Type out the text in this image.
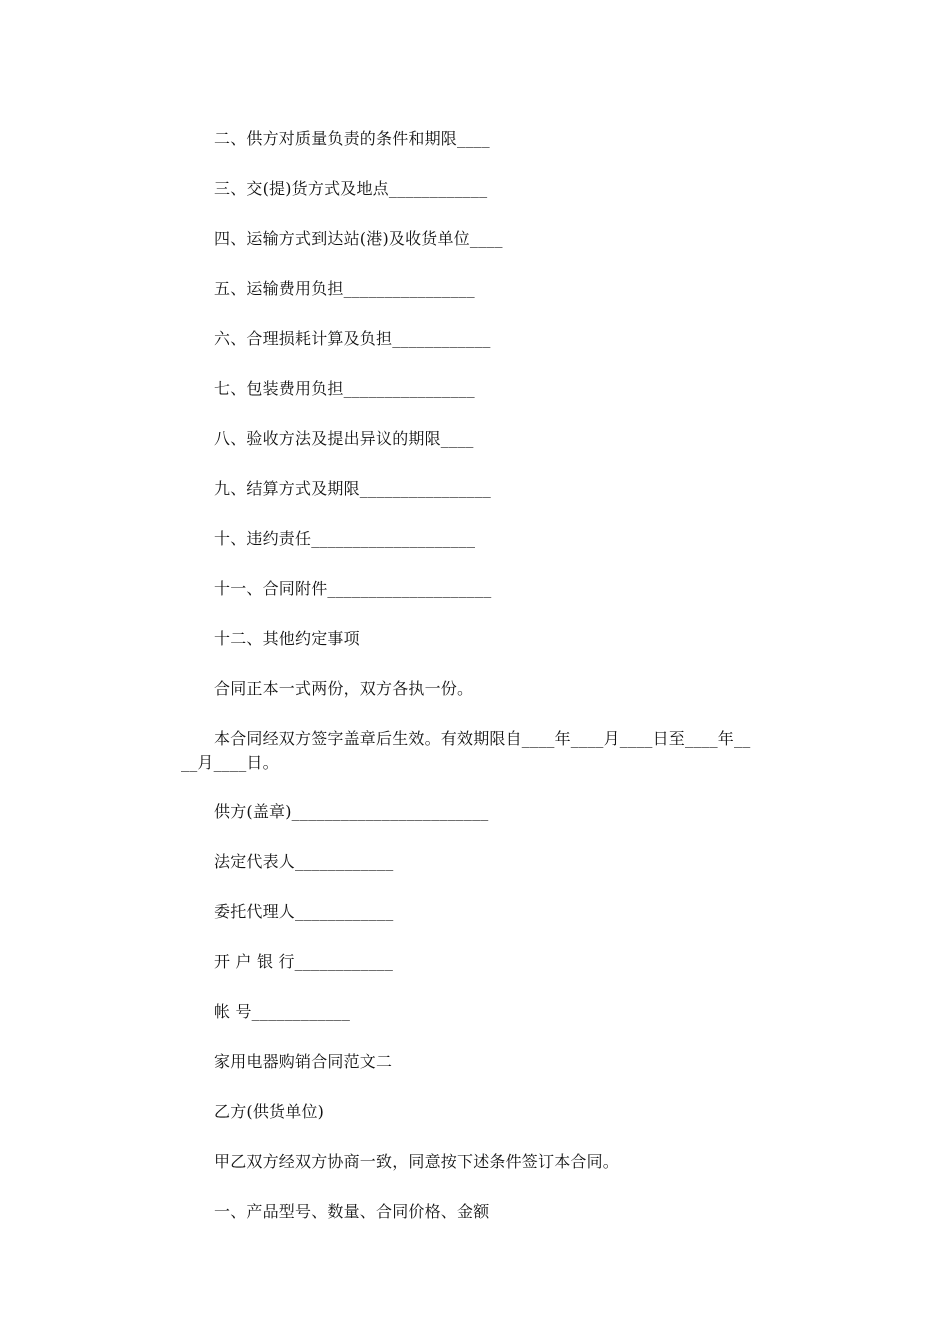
二、供方对质量负责的条件和期限____
三、交(提)货方式及地点____________
四、运输方式到达站(港)及收货单位____
五、运输费用负担________________
六、合理损耗计算及负担____________
七、包装费用负担________________
八、验收方法及提出异议的期限____
九、结算方式及期限________________
十、违约责任____________________
十一、合同附件____________________
十二、其他约定事项
合同正本一式两份，双方各执一份。
本合同经双方签字盖章后生效。有效期限自____年____月____日至____年__
__月____日。
供方(盖章)________________________
法定代表人____________
委托代理人____________
开 户 银 行____________
帐 号____________
家用电器购销合同范文二
乙方(供货单位)
甲乙双方经双方协商一致，同意按下述条件签订本合同。
一、产品型号、数量、合同价格、金额
